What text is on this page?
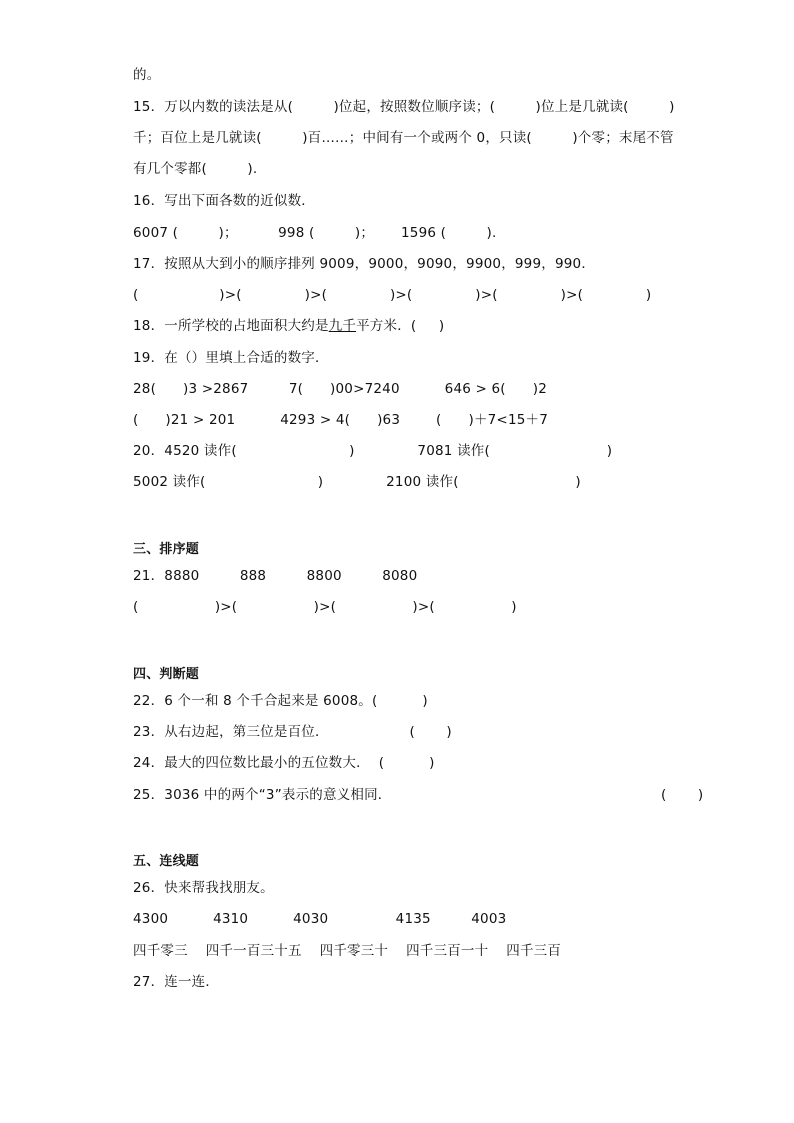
的。
15．万以内数的读法是从(         )位起，按照数位顺序读；(         )位上是几就读(         )
千；百位上是几就读(         )百……；中间有一个或两个 0，只读(         )个零；末尾不管
有几个零都(         ).
16．写出下面各数的近似数．
6007 (         )；         998 (         )；      1596 (         ).
17．按照从大到小的顺序排列 9009，9000，9090，9900，999，990．
(                  )>(              )>(              )>(              )>(              )>(              )
18．一所学校的占地面积大约是九千平方米．(     )
19．在（）里填上合适的数字．
28(      )3 >2867         7(      )00>7240          646 > 6(      )2
(      )21 > 201          4293 > 4(      )63        (      )＋7<15＋7
20．4520 读作(                         )              7081 读作(                          )
5002 读作(                         )              2100 读作(                          )
三、排序题
21．8880         888         8800         8080
(                 )>(                 )>(                 )>(                 )
四、判断题
22．6 个一和 8 个千合起来是 6008。(          )
23．从右边起，第三位是百位．                  (       )
24．最大的四位数比最小的五位数大．  (          )
25．3036 中的两个“3”表示的意义相同．                                                            (       )
五、连线题
26．快来帮我找朋友。
4300          4310          4030               4135         4003
四千零三    四千一百三十五    四千零三十    四千三百一十    四千三百
27．连一连．
